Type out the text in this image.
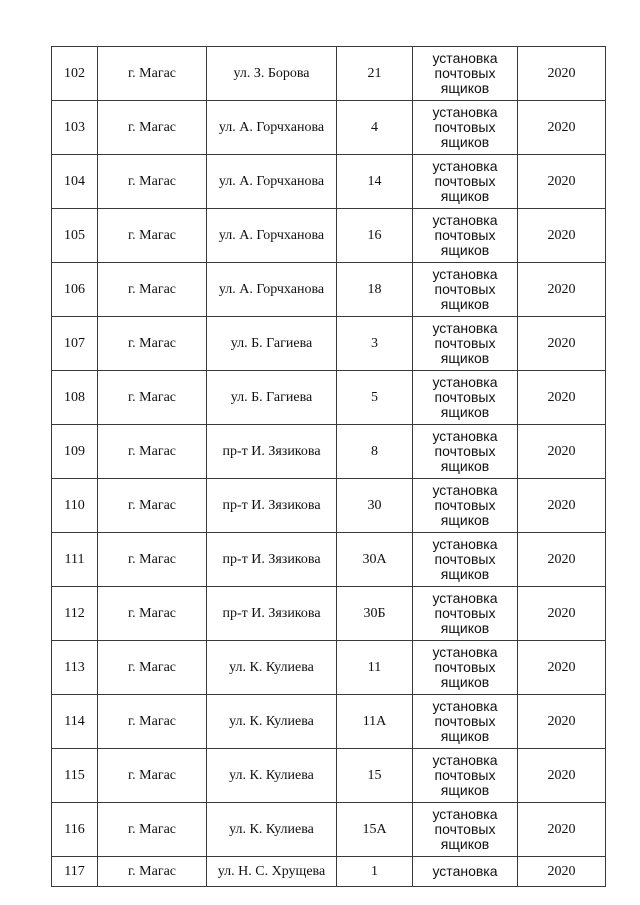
102	г. Магас	ул. З. Борова	21	установка
почтовых
ящиков	2020
103	г. Магас	ул. А. Горчханова	4	установка
почтовых
ящиков	2020
104	г. Магас	ул. А. Горчханова	14	установка
почтовых
ящиков	2020
105	г. Магас	ул. А. Горчханова	16	установка
почтовых
ящиков	2020
106	г. Магас	ул. А. Горчханова	18	установка
почтовых
ящиков	2020
107	г. Магас	ул. Б. Гагиева	3	установка
почтовых
ящиков	2020
108	г. Магас	ул. Б. Гагиева	5	установка
почтовых
ящиков	2020
109	г. Магас	пр-т И. Зязикова	8	установка
почтовых
ящиков	2020
110	г. Магас	пр-т И. Зязикова	30	установка
почтовых
ящиков	2020
111	г. Магас	пр-т И. Зязикова	30А	установка
почтовых
ящиков	2020
112	г. Магас	пр-т И. Зязикова	30Б	установка
почтовых
ящиков	2020
113	г. Магас	ул. К. Кулиева	11	установка
почтовых
ящиков	2020
114	г. Магас	ул. К. Кулиева	11А	установка
почтовых
ящиков	2020
115	г. Магас	ул. К. Кулиева	15	установка
почтовых
ящиков	2020
116	г. Магас	ул. К. Кулиева	15А	установка
почтовых
ящиков	2020
117	г. Магас	ул. Н. С. Хрущева	1	установка	2020
